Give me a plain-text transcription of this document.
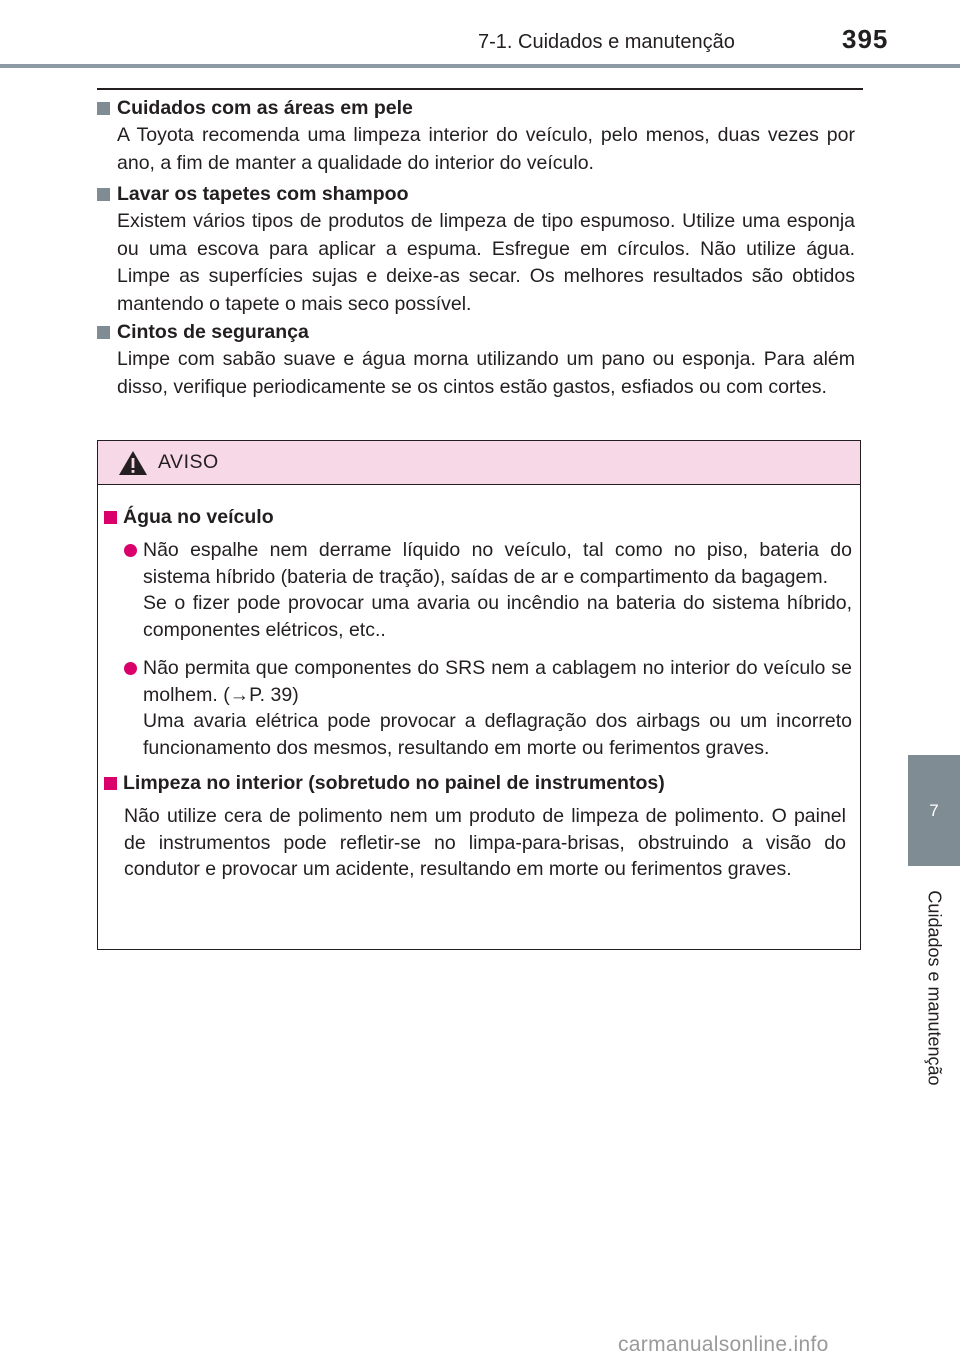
7-1. Cuidados e manutenção	395
7
Cuidados e manutenção
Cuidados com as áreas em pele

A Toyota recomenda uma limpeza interior do veículo, pelo menos, duas vezes por ano, a fim de manter a qualidade do interior do veículo.

Lavar os tapetes com shampoo

Existem vários tipos de produtos de limpeza de tipo espumoso. Utilize uma esponja ou uma escova para aplicar a espuma. Esfregue em círculos. Não utilize água. Limpe as superfícies sujas e deixe-as secar. Os melhores resultados são obtidos mantendo o tapete o mais seco possível.

Cintos de segurança

Limpe com sabão suave e água morna utilizando um pano ou esponja. Para além disso, verifique periodicamente se os cintos estão gastos, esfiados ou com cortes.

AVISO
Água no veículo

Não espalhe nem derrame líquido no veículo, tal como no piso, bateria do sistema híbrido (bateria de tração), saídas de ar e compartimento da bagagem.

Se o fizer pode provocar uma avaria ou incêndio na bateria do sistema híbrido, componentes elétricos, etc..

Não permita que componentes do SRS nem a cablagem no interior do veículo se molhem. (→P. 39)

Uma avaria elétrica pode provocar a deflagração dos airbags ou um incorreto funcionamento dos mesmos, resultando em morte ou ferimentos graves.

Limpeza no interior (sobretudo no painel de instrumentos)

Não utilize cera de polimento nem um produto de limpeza de polimento. O painel de instrumentos pode refletir-se no limpa-para-brisas, obstruindo a visão do condutor e provocar um acidente, resultando em morte ou ferimentos graves.

carmanualsonline.info
